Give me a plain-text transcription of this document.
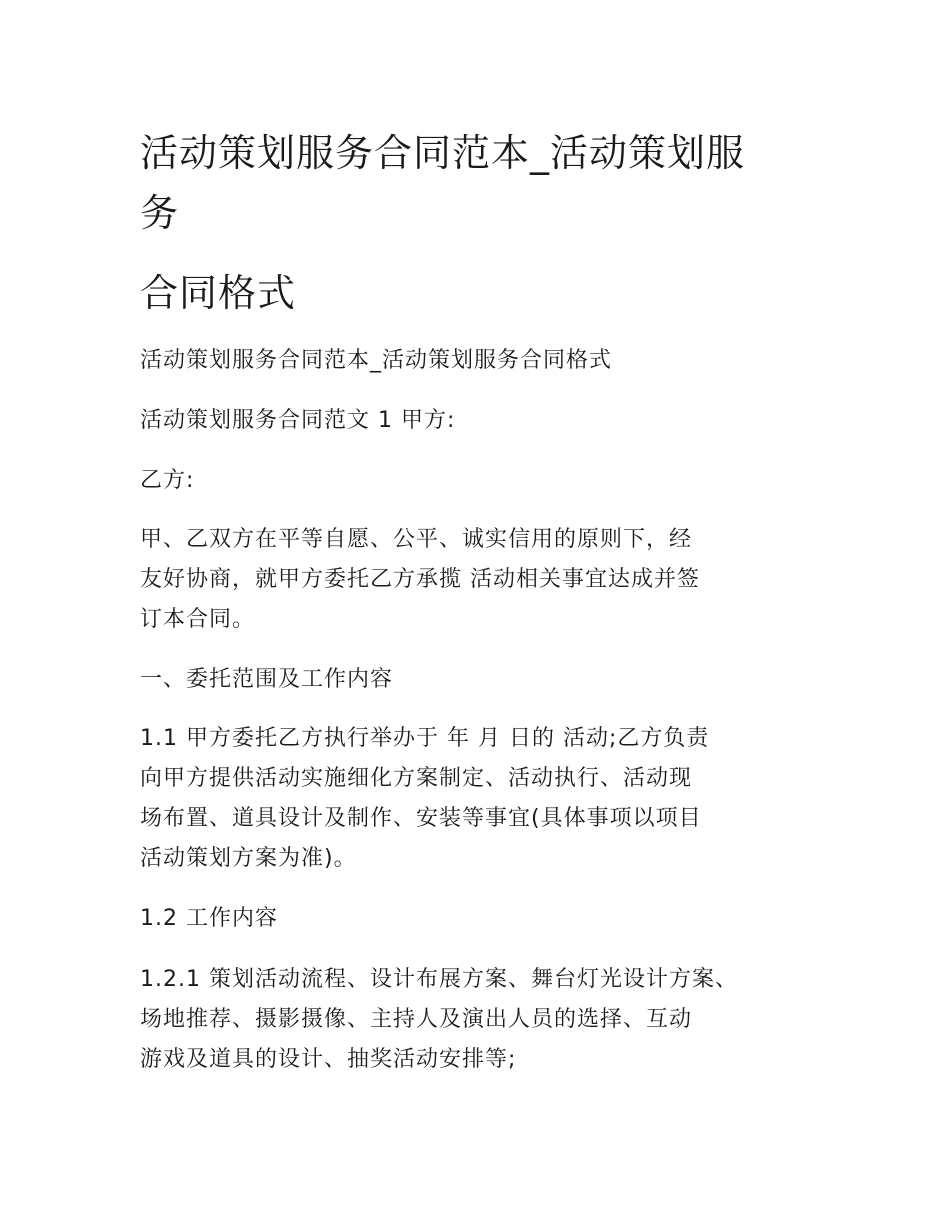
活动策划服务合同范本_活动策划服
务
合同格式

活动策划服务合同范本_活动策划服务合同格式

活动策划服务合同范文 1 甲方:

乙方:

甲、乙双方在平等自愿、公平、诚实信用的原则下，经
友好协商，就甲方委托乙方承揽 活动相关事宜达成并签
订本合同。

一、委托范围及工作内容

1.1 甲方委托乙方执行举办于 年 月 日的 活动;乙方负责
向甲方提供活动实施细化方案制定、活动执行、活动现
场布置、道具设计及制作、安装等事宜(具体事项以项目
活动策划方案为准)。

1.2 工作内容

1.2.1 策划活动流程、设计布展方案、舞台灯光设计方案、
场地推荐、摄影摄像、主持人及演出人员的选择、互动
游戏及道具的设计、抽奖活动安排等;
